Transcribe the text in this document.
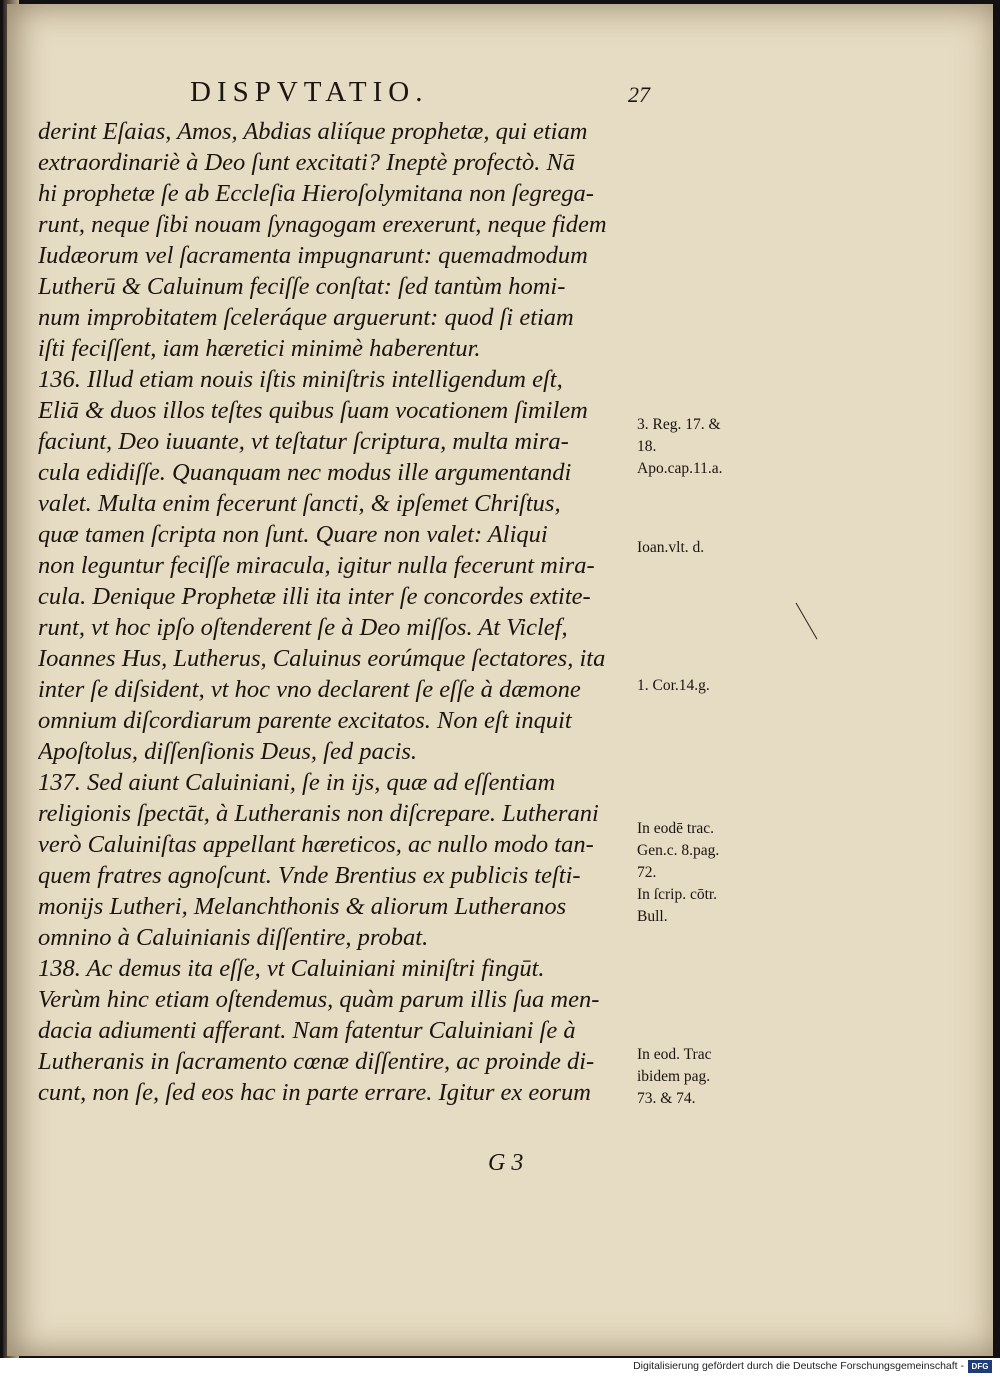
DISPVTATIO.	27
derint Eſaias, Amos, Abdias aliíque prophetæ, qui etiam
extraordinariè à Deo ſunt excitati? Ineptè profectò. Nā
hi prophetæ ſe ab Eccleſia Hieroſolymitana non ſegrega-
runt, neque ſibi nouam ſynagogam erexerunt, neque fidem
Iudæorum vel ſacramenta impugnarunt: quemadmodum
Lutherū & Caluinum feciſſe conſtat: ſed tantùm homi-
num improbitatem ſceleráque arguerunt: quod ſi etiam
iſti feciſſent, iam hæretici minimè haberentur.
136. Illud etiam nouis iſtis miniſtris intelligendum eſt,
Eliā & duos illos teſtes quibus ſuam vocationem ſimilem
faciunt, Deo iuuante, vt teſtatur ſcriptura, multa mira-
cula edidiſſe. Quanquam nec modus ille argumentandi
valet. Multa enim fecerunt ſancti, & ipſemet Chriſtus,
quæ tamen ſcripta non ſunt. Quare non valet: Aliqui
non leguntur feciſſe miracula, igitur nulla fecerunt mira-
cula. Denique Prophetæ illi ita inter ſe concordes extite-
runt, vt hoc ipſo oſtenderent ſe à Deo miſſos. At Viclef,
Ioannes Hus, Lutherus, Caluinus eorúmque ſectatores, ita
inter ſe diſsident, vt hoc vno declarent ſe eſſe à dæmone
omnium diſcordiarum parente excitatos. Non eſt inquit
Apoſtolus, diſſenſionis Deus, ſed pacis.
137. Sed aiunt Caluiniani, ſe in ijs, quæ ad eſſentiam
religionis ſpectāt, à Lutheranis non diſcrepare. Lutherani
verò Caluiniſtas appellant hæreticos, ac nullo modo tan-
quem fratres agnoſcunt. Vnde Brentius ex publicis teſti-
monijs Lutheri, Melanchthonis & aliorum Lutheranos
omnino à Caluinianis diſſentire, probat.
138. Ac demus ita eſſe, vt Caluiniani miniſtri fingūt.
Verùm hinc etiam oſtendemus, quàm parum illis ſua men-
dacia adiumenti afferant. Nam fatentur Caluiniani ſe à
Lutheranis in ſacramento cœnæ diſſentire, ac proinde di-
cunt, non ſe, ſed eos hac in parte errare. Igitur ex eorum
3. Reg. 17. &
18.
Apo.cap.11.a.
Ioan.vlt. d.
1. Cor.14.g.
In eodē trac.
Gen.c. 8.pag.
72.
In ſcrip. cōtr.
Bull.
In eod. Trac
ibidem pag.
73. & 74.
G 3
Digitalisierung gefördert durch die Deutsche Forschungsgemeinschaft - DFG
